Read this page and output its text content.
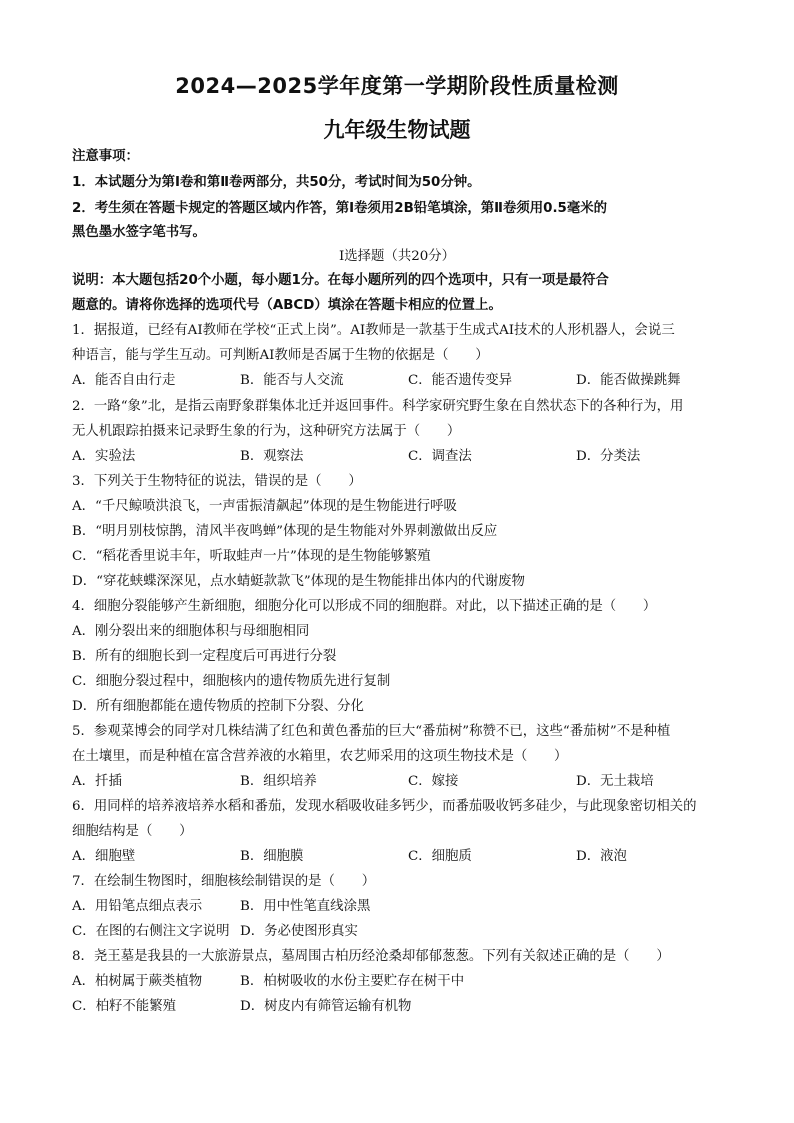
2024—2025学年度第一学期阶段性质量检测
九年级生物试题
注意事项：
1．本试题分为第Ⅰ卷和第Ⅱ卷两部分，共50分，考试时间为50分钟。
2．考生须在答题卡规定的答题区域内作答，第Ⅰ卷须用2B铅笔填涂，第Ⅱ卷须用0.5毫米的
黑色墨水签字笔书写。
Ⅰ选择题（共20分）
说明：本大题包括20个小题，每小题1分。在每小题所列的四个选项中，只有一项是最符合
题意的。请将你选择的选项代号（ABCD）填涂在答题卡相应的位置上。
1．据报道，已经有AI教师在学校“正式上岗”。AI教师是一款基于生成式AI技术的人形机器人，会说三
种语言，能与学生互动。可判断AI教师是否属于生物的依据是（　　）
A．能否自由行走	B．能否与人交流	C．能否遗传变异	D．能否做操跳舞
2．一路“象”北，是指云南野象群集体北迁并返回事件。科学家研究野生象在自然状态下的各种行为，用
无人机跟踪拍摄来记录野生象的行为，这种研究方法属于（　　）
A．实验法	B．观察法	C．调查法	D．分类法
3．下列关于生物特征的说法，错误的是（　　）
A．“千尺鲸喷洪浪飞，一声雷振清飙起”体现的是生物能进行呼吸
B．“明月别枝惊鹊，清风半夜鸣蝉”体现的是生物能对外界刺激做出反应
C．“稻花香里说丰年，听取蛙声一片”体现的是生物能够繁殖
D．“穿花蛱蝶深深见，点水蜻蜓款款飞”体现的是生物能排出体内的代谢废物
4．细胞分裂能够产生新细胞，细胞分化可以形成不同的细胞群。对此，以下描述正确的是（　　）
A．刚分裂出来的细胞体积与母细胞相同
B．所有的细胞长到一定程度后可再进行分裂
C．细胞分裂过程中，细胞核内的遗传物质先进行复制
D．所有细胞都能在遗传物质的控制下分裂、分化
5．参观菜博会的同学对几株结满了红色和黄色番茄的巨大“番茄树”称赞不已，这些“番茄树”不是种植
在土壤里，而是种植在富含营养液的水箱里，农艺师采用的这项生物技术是（　　）
A．扦插	B．组织培养	C．嫁接	D．无土栽培
6．用同样的培养液培养水稻和番茄，发现水稻吸收硅多钙少，而番茄吸收钙多硅少，与此现象密切相关的
细胞结构是（　　）
A．细胞壁	B．细胞膜	C．细胞质	D．液泡
7．在绘制生物图时，细胞核绘制错误的是（　　）
A．用铅笔点细点表示	B．用中性笔直线涂黑
C．在图的右侧注文字说明 D．务必使图形真实
8．尧王墓是我县的一大旅游景点，墓周围古柏历经沧桑却郁郁葱葱。下列有关叙述正确的是（　　）
A．柏树属于蕨类植物	B．柏树吸收的水份主要贮存在树干中
C．柏籽不能繁殖	D．树皮内有筛管运输有机物
